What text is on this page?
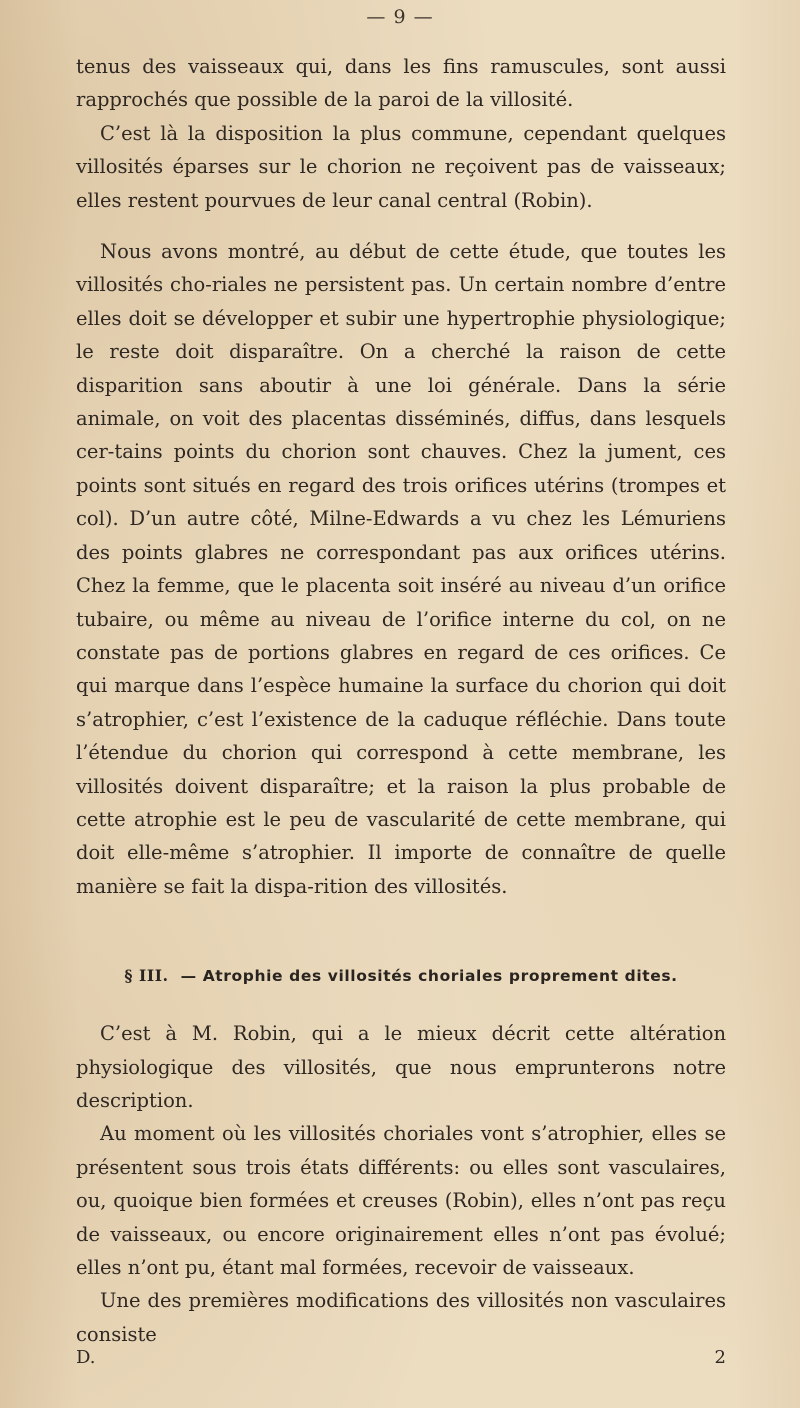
— 9 —

tenus des vaisseaux qui, dans les fins ramuscules, sont aussi rapprochés que possible de la paroi de la villosité.

C’est là la disposition la plus commune, cependant quelques villosités éparses sur le chorion ne reçoivent pas de vaisseaux; elles restent pourvues de leur canal central (Robin).

Nous avons montré, au début de cette étude, que toutes les villosités cho-riales ne persistent pas. Un certain nombre d’entre elles doit se développer et subir une hypertrophie physiologique; le reste doit disparaître. On a cherché la raison de cette disparition sans aboutir à une loi générale. Dans la série animale, on voit des placentas disséminés, diffus, dans lesquels cer-tains points du chorion sont chauves. Chez la jument, ces points sont situés en regard des trois orifices utérins (trompes et col). D’un autre côté, Milne-Edwards a vu chez les Lémuriens des points glabres ne correspondant pas aux orifices utérins. Chez la femme, que le placenta soit inséré au niveau d’un orifice tubaire, ou même au niveau de l’orifice interne du col, on ne constate pas de portions glabres en regard de ces orifices. Ce qui marque dans l’espèce humaine la surface du chorion qui doit s’atrophier, c’est l’existence de la caduque réfléchie. Dans toute l’étendue du chorion qui correspond à cette membrane, les villosités doivent disparaître; et la raison la plus probable de cette atrophie est le peu de vascularité de cette membrane, qui doit elle-même s’atrophier. Il importe de connaître de quelle manière se fait la dispa-rition des villosités.

§ III. — Atrophie des villosités choriales proprement dites.

C’est à M. Robin, qui a le mieux décrit cette altération physiologique des villosités, que nous emprunterons notre description.

Au moment où les villosités choriales vont s’atrophier, elles se présentent sous trois états différents: ou elles sont vasculaires, ou, quoique bien formées et creuses (Robin), elles n’ont pas reçu de vaisseaux, ou encore originairement elles n’ont pas évolué; elles n’ont pu, étant mal formées, recevoir de vaisseaux.

Une des premières modifications des villosités non vasculaires consiste

D.	2
